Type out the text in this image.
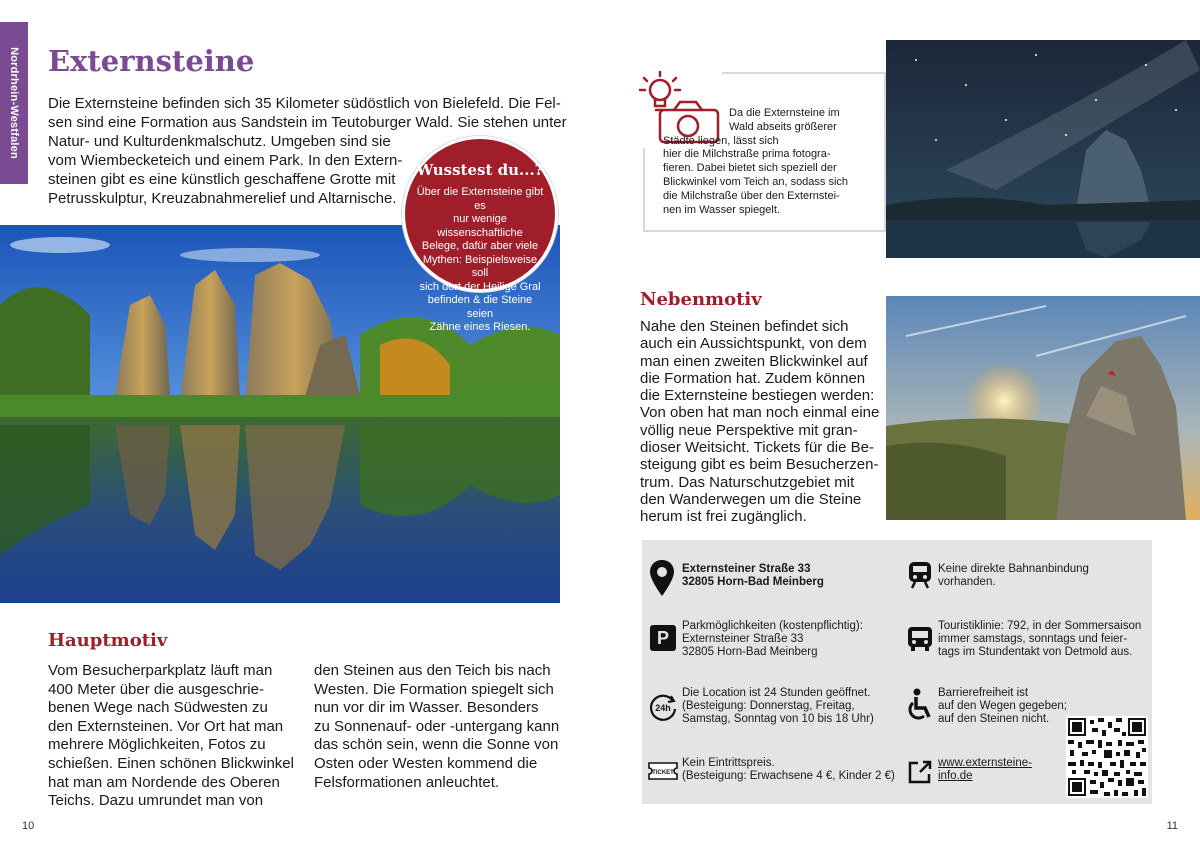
Nordrhein-Westfalen Externsteine
Die Externsteine befinden sich 35 Kilometer südöstlich von Bielefeld. Die Fel-
sen sind eine Formation aus Sandstein im Teutoburger Wald. Sie stehen unter
Natur- und Kulturdenkmalschutz. Umgeben sind sie
vom Wiembecketeich und einem Park. In den Extern-
steinen gibt es eine künstlich geschaffene Grotte mit
Petrusskulptur, Kreuzabnahmerelief und Altarnische.
Wusstest du...?
Über die Externsteine gibt es
nur wenige wissenschaftliche
Belege, dafür aber viele
Mythen: Beispielsweise soll
sich dort der Heilige Gral
befinden & die Steine seien
Zähne eines Riesen.
Hauptmotiv
Vom Besucherparkplatz läuft man
400 Meter über die ausgeschrie-
benen Wege nach Südwesten zu
den Externsteinen. Vor Ort hat man
mehrere Möglichkeiten, Fotos zu
schießen. Einen schönen Blickwinkel
hat man am Nordende des Oberen
Teichs. Dazu umrundet man von
den Steinen aus den Teich bis nach
Westen. Die Formation spiegelt sich
nun vor dir im Wasser. Besonders
zu Sonnenauf- oder -untergang kann
das schön sein, wenn die Sonne von
Osten oder Westen kommend die
Felsformationen anleuchtet.
10
Da die Externsteine im
Wald abseits größerer
Städte liegen, lässt sich
hier die Milchstraße prima fotogra-
fieren. Dabei bietet sich speziell der
Blickwinkel vom Teich an, sodass sich
die Milchstraße über den Externstei-
nen im Wasser spiegelt.
Nebenmotiv
Nahe den Steinen befindet sich
auch ein Aussichtspunkt, von dem
man einen zweiten Blickwinkel auf
die Formation hat. Zudem können
die Externsteine bestiegen werden:
Von oben hat man noch einmal eine
völlig neue Perspektive mit gran-
dioser Weitsicht. Tickets für die Be-
steigung gibt es beim Besucherzen-
trum. Das Naturschutzgebiet mit
den Wanderwegen um die Steine
herum ist frei zugänglich.
Externsteiner Straße 33
32805 Horn-Bad Meinberg
Keine direkte Bahnanbindung
vorhanden.
P
Parkmöglichkeiten (kostenpflichtig):
Externsteiner Straße 33
32805 Horn-Bad Meinberg
Touristiklinie: 792, in der Sommersaison
immer samstags, sonntags und feier-
tags im Stundentakt von Detmold aus.
24h
Die Location ist 24 Stunden geöffnet.
(Besteigung: Donnerstag, Freitag,
Samstag, Sonntag von 10 bis 18 Uhr)
Barrierefreiheit ist
auf den Wegen gegeben;
auf den Steinen nicht.
TICKET
Kein Eintrittspreis.
(Besteigung: Erwachsene 4 €, Kinder 2 €)
www.externsteine-
info.de
11
